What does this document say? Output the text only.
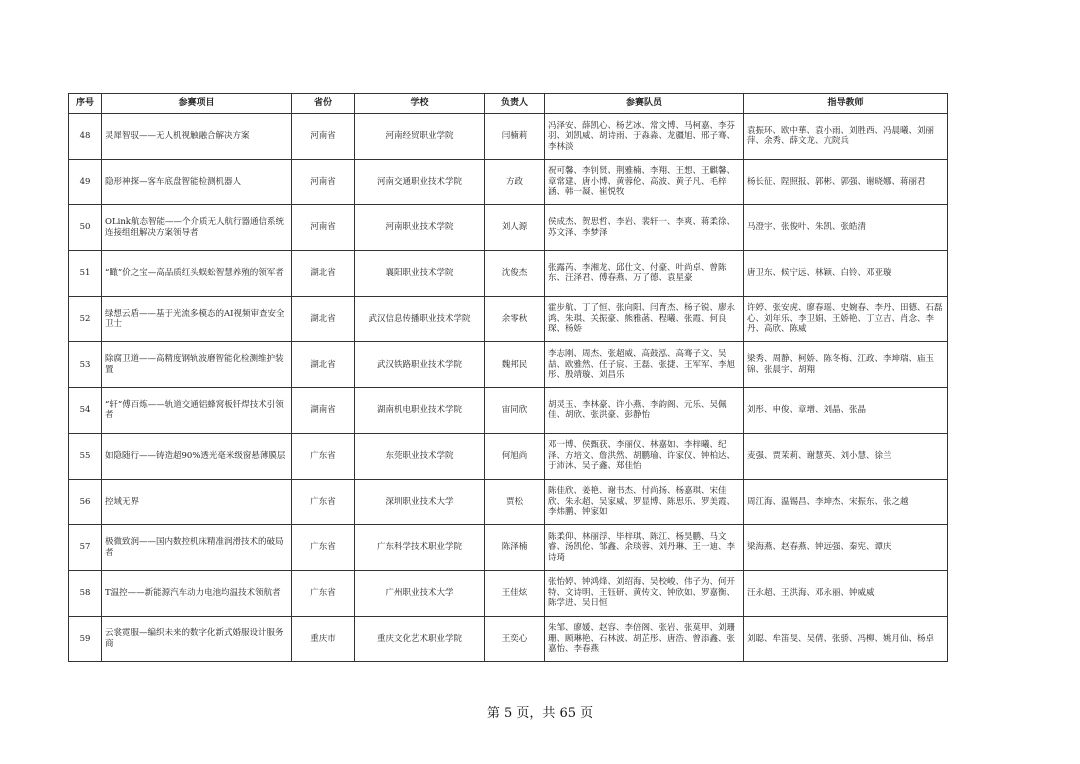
序号	参赛项目	省份	学校	负责人	参赛队员	指导教师
48	灵犀智驭——无人机视触融合解决方案	河南省	河南经贸职业学院	闫楠莉	冯泽安、薛凯心、杨艺冰、常文博、马柯嘉、李芬羽、刘凯威、胡诗雨、于淼淼、龙疆旭、邢子骞、李林淡	袁振环、欧中華、袁小雨、刘胜西、冯晨曦、刘丽萍、余秀、薛文龙、亢院兵
49	隐形神探—客车底盘智能检测机器人	河南省	河南交通职业技术学院	方政	祝可馨、李钊贤、荆雅楠、李翔、王想、王麒馨、章常建、唐小博、黄蓉伦、高波、黄子凡、毛梓涵、韩一凝、崔悦牧	杨长征、陧照报、郭彬、郭强、谢晓娜、蒋丽君
50	OLink航态智能——个介质无人航行器通信系统连接组组解决方案领导者	河南省	河南职业技术学院	刘人源	侯成杰、贺思哲、李岩、裴轩一、李爽、蒋柔徐、苏文泽、李梦泽	马澄宇、张俊叶、朱凯、张皓清
51	“瞰”价之宝—高品质红头蜈蚣智慧养殖的领军者	湖北省	襄阳职业技术学院	沈俊杰	张露芮、李湘龙、邱仕文、付豪、叶尚卓、曾陈东、汪泽君、傅春燕、万了德、袁星豪	唐卫东、候宁远、林颖、白铃、邓亚璇
52	绿想云盾——基于光流多模态的AI视频审查安全卫士	湖北省	武汉信息传播职业技术学院	余零秋	霍步航、丁了恒、张向阳、闫育杰、杨子锐、廖永鸿、朱琪、关振豪、熊雅菡、程曦、张霞、何良琛、杨娇	许婷、张安虎、廖春瑶、史婉春、李丹、田德、石磊心、刘年乐、李卫娟、王娇艳、丁立吉、肖念、李丹、高欣、陈威
53	除腐卫道——高精度钢轨波磨智能化检测维护装置	湖北省	武汉铁路职业技术学院	魏邦民	李志刚、周杰、张超威、高鼓泓、高骞子文、吴喆、欧雅然、任子宸、王磊、张捷、王军军、李旭彤、殷靖璇、刘昌乐	梁秀、周静、柯娇、陈冬梅、江政、李坤瑞、庙玉锦、张晨宇、胡翔
54	“轩”傅百炼——轨道交通铝蜂窝板钎焊技术引领者	湖南省	湖南机电职业技术学院	宙同欣	胡灵玉、李林豪、许小燕、李韵阁、元乐、吴佩佳、胡欣、张洪豪、彭静怡	刘彤、申俊、章增、刘晶、张晶
55	如隐随行——铸造超90%透光毫米级窗悬薄膜层	广东省	东莞职业技术学院	何旭尚	邓一博、侯甄获、李丽仪、林嘉如、李梓曦、纪泽、方培文、詹洪然、胡鹏瑜、许家仪、钟柏达、于沛沐、吴子鑫、郑佳怡	麦强、贾茉莉、谢慧英、刘小慧、徐兰
56	控域无界	广东省	深圳职业技术大学	贾松	陈佳欣、姜艳、谢书杰、付尚扬、杨嘉琪、宋佳欣、朱永超、吴家威、罗显博、陈思乐、罗美霞、李炜鹏、钟家如	周江海、温锡昌、李坤杰、宋振东、张之越
57	极微致润——国内数控机床精准润滑技术的破局者	广东省	广东科学技术职业学院	陈泽楠	陈柔仰、林丽浮、毕梓琪、陈江、杨昊鹏、马文睿、汤凯伦、邹鑫、余琰蓉、刘丹琳、王一迪、李诗琦	梁海燕、赵春燕、钟远强、秦宪、谭庆
58	T温控——新能源汽车动力电池均温技术领航者	广东省	广州职业技术大学	王佳炫	张怡婷、钟鸿烽、刘绍海、吴校峻、伟子为、何开特、文诗明、王钰研、黄传文、钟欣如、罗嘉衡、陈学进、吴日恒	汪永超、王洪海、邓永丽、钟威威
59	云裳霓服—编织未来的数字化新式婚服设计服务商	重庆市	重庆文化艺术职业学院	王奕心	朱邹、廖媛、赵容、李倍阁、张岩、张莫甲、刘珊珊、顾琳艳、石林波、胡芷彤、唐浩、曾添鑫、张嘉怡、李春燕	刘聪、牟笛旻、吴倩、张骄、冯柳、姚月仙、杨卓
第 5 页，共 65 页
